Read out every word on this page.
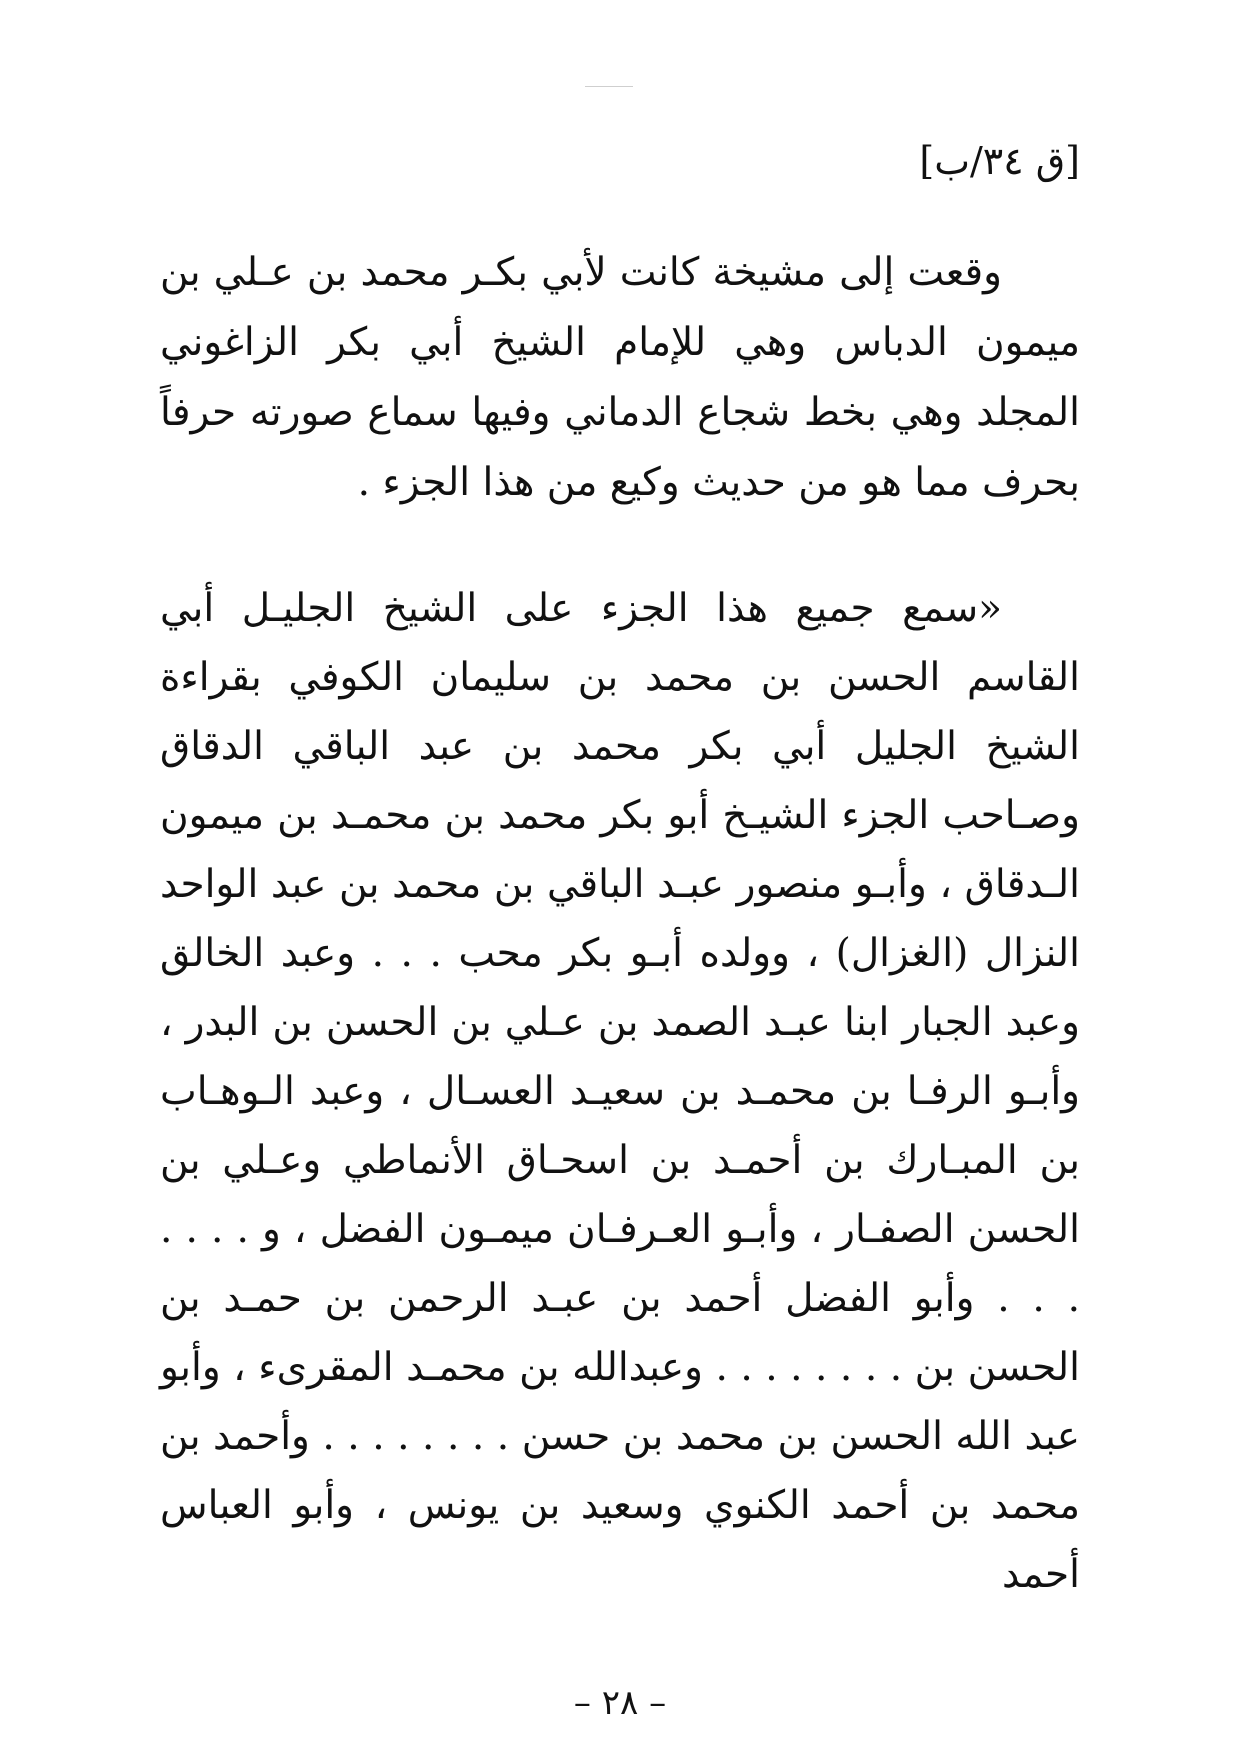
[ق ٣٤/ب]

وقعت إلى مشيخة كانت لأبي بكـر محمد بن عـلي بن ميمون الدباس وهي للإمام الشيخ أبي بكر الزاغوني المجلد وهي بخط شجاع الدماني وفيها سماع صورته حرفاً بحرف مما هو من حديث وكيع من هذا الجزء .

«سمع جميع هذا الجزء على الشيخ الجليـل أبي القاسم الحسن بن محمد بن سليمان الكوفي بقراءة الشيخ الجليل أبي بكر محمد بن عبد الباقي الدقاق وصـاحب الجزء الشيـخ أبو بكر محمد بن محمـد بن ميمون الـدقاق ، وأبـو منصور عبـد الباقي بن محمد بن عبد الواحد النزال (الغزال) ، وولده أبـو بكر محب . . . وعبد الخالق وعبد الجبار ابنا عبـد الصمد بن عـلي بن الحسن بن البدر ، وأبـو الرفـا بن محمـد بن سعيـد العسـال ، وعبد الـوهـاب بن المبـارك بن أحمـد بن اسحـاق الأنماطي وعـلي بن الحسن الصفـار ، وأبـو العـرفـان ميمـون الفضل ، و . . . . . . . وأبو الفضل أحمد بن عبـد الرحمن بن حمـد بن الحسن بن . . . . . . . . وعبدالله بن محمـد المقرىء ، وأبو عبد الله الحسن بن محمد بن حسن . . . . . . . . وأحمد بن محمد بن أحمد الكنوي وسعيد بن يونس ، وأبو العباس أحمد

– ٢٨ –
